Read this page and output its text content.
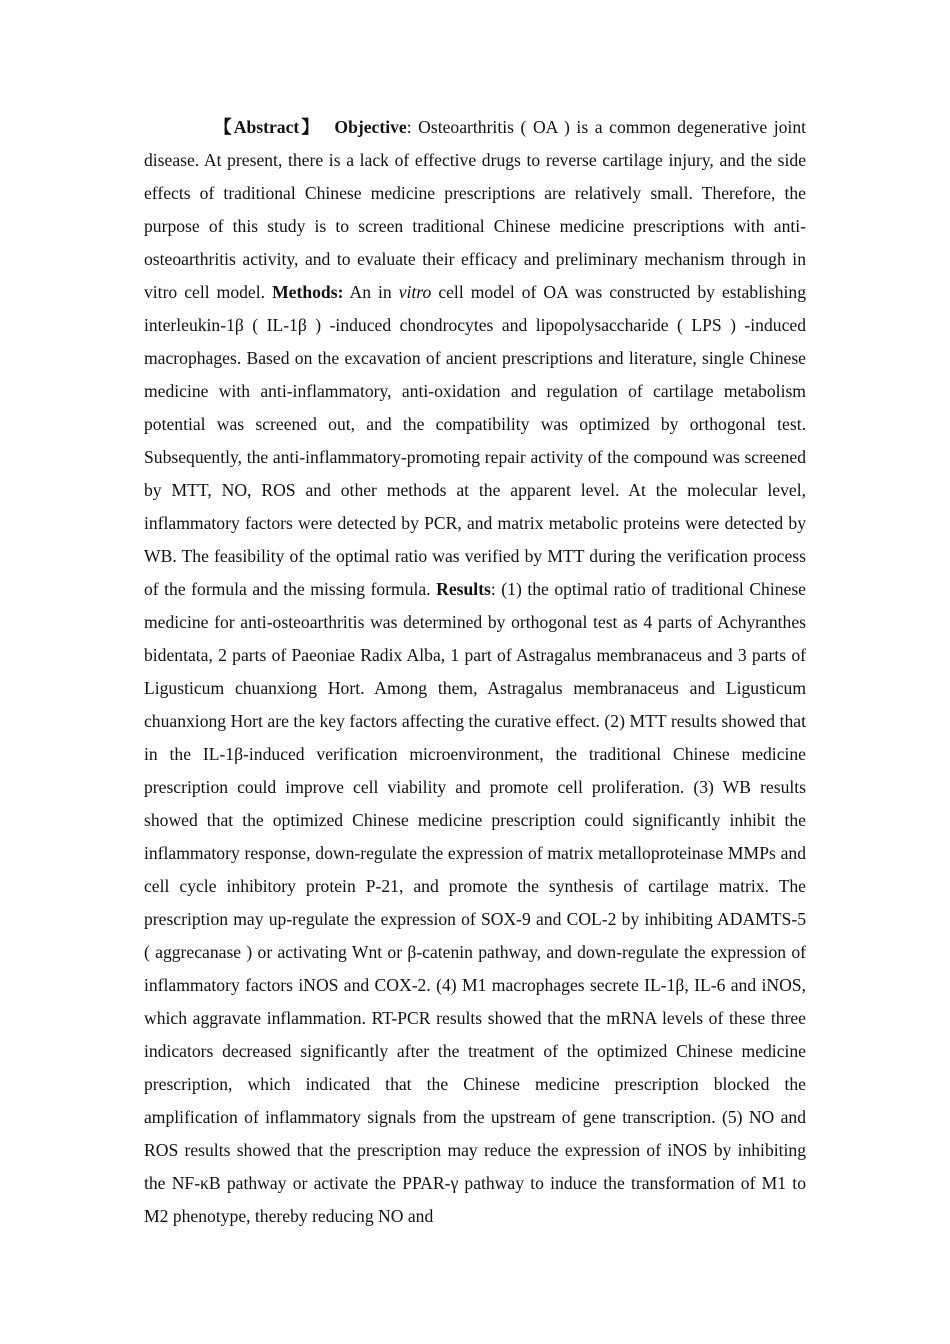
【Abstract】 Objective: Osteoarthritis ( OA ) is a common degenerative joint disease. At present, there is a lack of effective drugs to reverse cartilage injury, and the side effects of traditional Chinese medicine prescriptions are relatively small. Therefore, the purpose of this study is to screen traditional Chinese medicine prescriptions with anti-osteoarthritis activity, and to evaluate their efficacy and preliminary mechanism through in vitro cell model. Methods: An in vitro cell model of OA was constructed by establishing interleukin-1β ( IL-1β ) -induced chondrocytes and lipopolysaccharide ( LPS ) -induced macrophages. Based on the excavation of ancient prescriptions and literature, single Chinese medicine with anti-inflammatory, anti-oxidation and regulation of cartilage metabolism potential was screened out, and the compatibility was optimized by orthogonal test. Subsequently, the anti-inflammatory-promoting repair activity of the compound was screened by MTT, NO, ROS and other methods at the apparent level. At the molecular level, inflammatory factors were detected by PCR, and matrix metabolic proteins were detected by WB. The feasibility of the optimal ratio was verified by MTT during the verification process of the formula and the missing formula. Results: (1) the optimal ratio of traditional Chinese medicine for anti-osteoarthritis was determined by orthogonal test as 4 parts of Achyranthes bidentata, 2 parts of Paeoniae Radix Alba, 1 part of Astragalus membranaceus and 3 parts of Ligusticum chuanxiong Hort. Among them, Astragalus membranaceus and Ligusticum chuanxiong Hort are the key factors affecting the curative effect. (2) MTT results showed that in the IL-1β-induced verification microenvironment, the traditional Chinese medicine prescription could improve cell viability and promote cell proliferation. (3) WB results showed that the optimized Chinese medicine prescription could significantly inhibit the inflammatory response, down-regulate the expression of matrix metalloproteinase MMPs and cell cycle inhibitory protein P-21, and promote the synthesis of cartilage matrix. The prescription may up-regulate the expression of SOX-9 and COL-2 by inhibiting ADAMTS-5 ( aggrecanase ) or activating Wnt or β-catenin pathway, and down-regulate the expression of inflammatory factors iNOS and COX-2. (4) M1 macrophages secrete IL-1β, IL-6 and iNOS, which aggravate inflammation. RT-PCR results showed that the mRNA levels of these three indicators decreased significantly after the treatment of the optimized Chinese medicine prescription, which indicated that the Chinese medicine prescription blocked the amplification of inflammatory signals from the upstream of gene transcription. (5) NO and ROS results showed that the prescription may reduce the expression of iNOS by inhibiting the NF-κB pathway or activate the PPAR-γ pathway to induce the transformation of M1 to M2 phenotype, thereby reducing NO and
